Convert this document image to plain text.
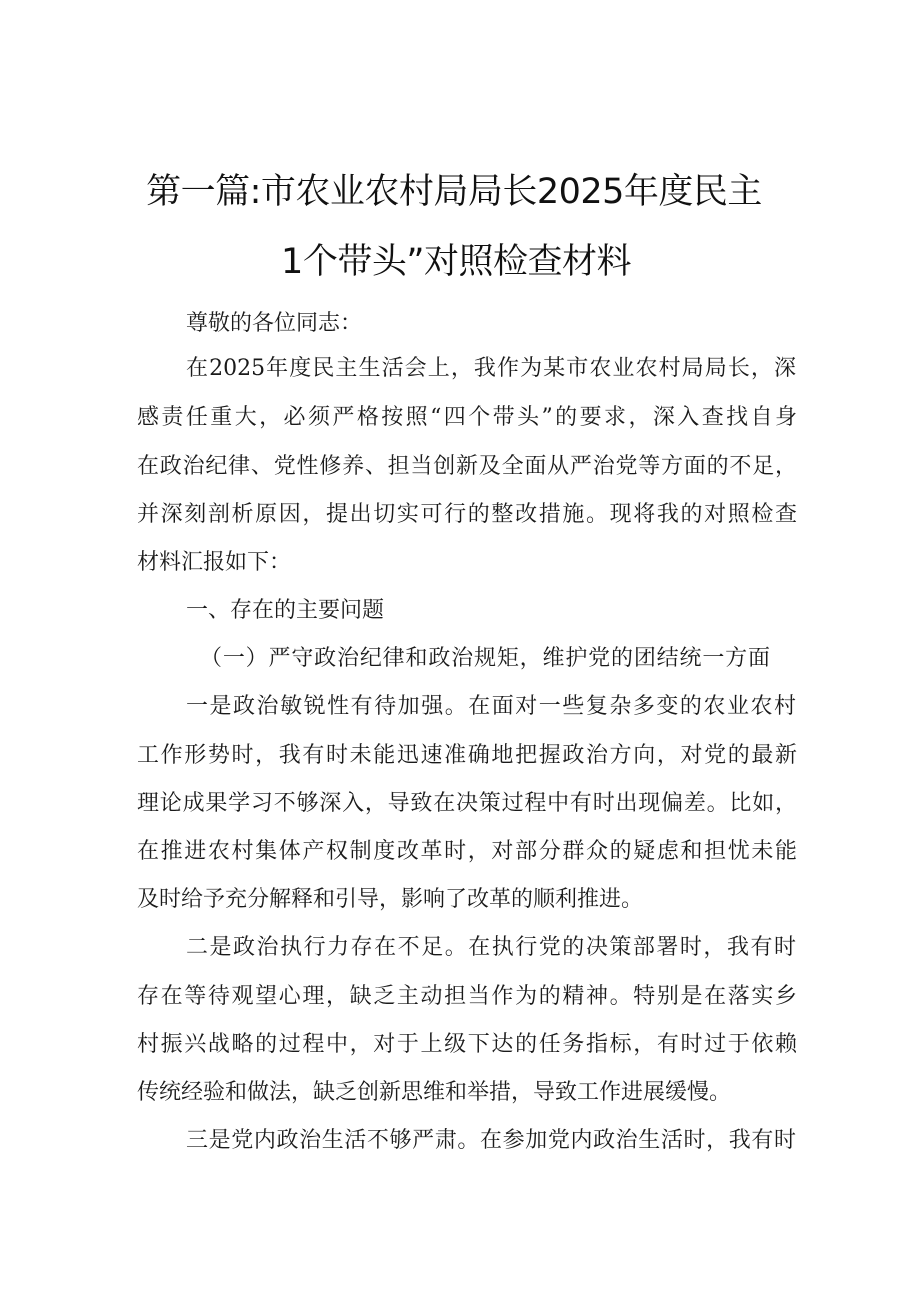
第一篇:市农业农村局局长2025年度民主
1个带头”对照检查材料
尊敬的各位同志：
在2025年度民主生活会上，我作为某市农业农村局局长，深
感责任重大，必须严格按照“四个带头”的要求，深入查找自身
在政治纪律、党性修养、担当创新及全面从严治党等方面的不足，
并深刻剖析原因，提出切实可行的整改措施。现将我的对照检查
材料汇报如下：
一、存在的主要问题
（一）严守政治纪律和政治规矩，维护党的团结统一方面
一是政治敏锐性有待加强。在面对一些复杂多变的农业农村
工作形势时，我有时未能迅速准确地把握政治方向，对党的最新
理论成果学习不够深入，导致在决策过程中有时出现偏差。比如，
在推进农村集体产权制度改革时，对部分群众的疑虑和担忧未能
及时给予充分解释和引导，影响了改革的顺利推进。
二是政治执行力存在不足。在执行党的决策部署时，我有时
存在等待观望心理，缺乏主动担当作为的精神。特别是在落实乡
村振兴战略的过程中，对于上级下达的任务指标，有时过于依赖
传统经验和做法，缺乏创新思维和举措，导致工作进展缓慢。
三是党内政治生活不够严肃。在参加党内政治生活时，我有时
